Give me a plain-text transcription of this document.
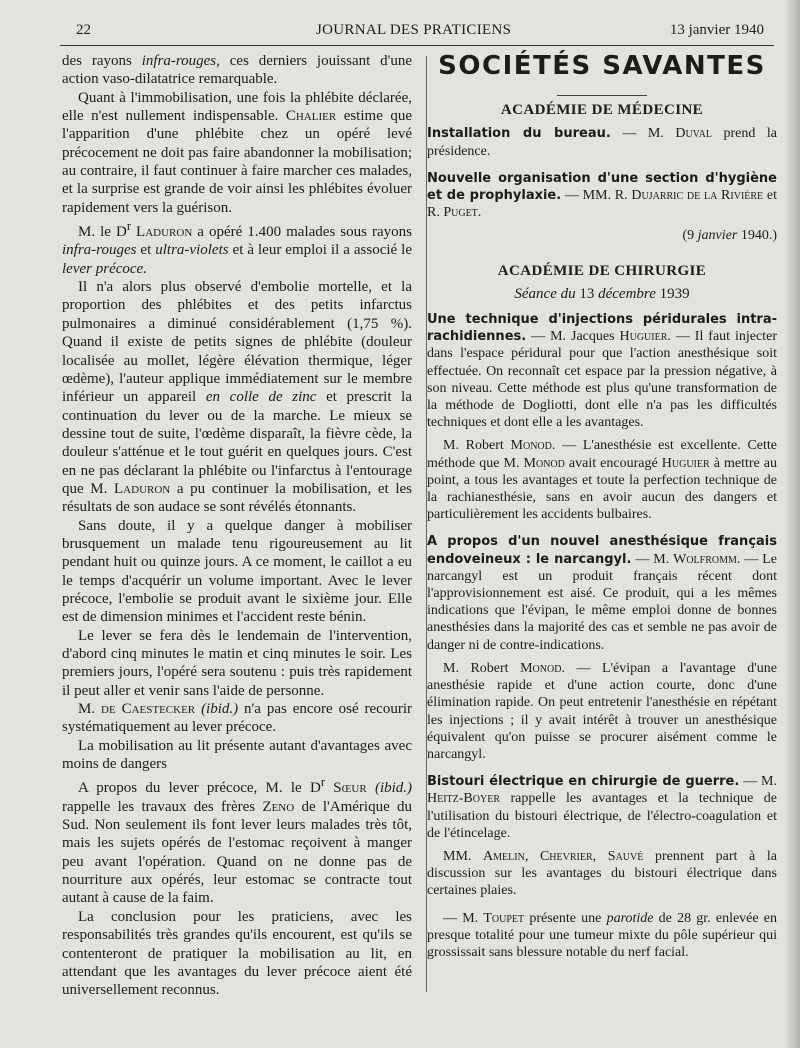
22	JOURNAL DES PRATICIENS	13 janvier 1940

des rayons infra-rouges, ces derniers jouissant d'une action vaso-dilatatrice remarquable.

Quant à l'immobilisation, une fois la phlébite déclarée, elle n'est nullement indispensable. Chalier estime que l'apparition d'une phlébite chez un opéré levé précocement ne doit pas faire abandonner la mobilisation; au contraire, il faut continuer à faire marcher ces malades, et la surprise est grande de voir ainsi les phlébites évoluer rapidement vers la guérison.

M. le $D^r$ Laduron a opéré 1.400 malades sous rayons infra-rouges et ultra-violets et à leur emploi il a associé le lever précoce.

Il n'a alors plus observé d'embolie mortelle, et la proportion des phlébites et des petits infarctus pulmonaires a diminué considérablement (1,75 %). Quand il existe de petits signes de phlébite (douleur localisée au mollet, légère élévation thermique, léger œdème), l'auteur applique immédiatement sur le membre inférieur un appareil en colle de zinc et prescrit la continuation du lever ou de la marche. Le mieux se dessine tout de suite, l'œdème disparaît, la fièvre cède, la douleur s'atténue et le tout guérit en quelques jours. C'est en ne pas déclarant la phlébite ou l'infarctus à l'entourage que M. Laduron a pu continuer la mobilisation, et les résultats de son audace se sont révélés étonnants.

Sans doute, il y a quelque danger à mobiliser brusquement un malade tenu rigoureusement au lit pendant huit ou quinze jours. A ce moment, le caillot a eu le temps d'acquérir un volume important. Avec le lever précoce, l'embolie se produit avant le sixième jour. Elle est de dimension minimes et l'accident reste bénin.

Le lever se fera dès le lendemain de l'intervention, d'abord cinq minutes le matin et cinq minutes le soir. Les premiers jours, l'opéré sera soutenu : puis très rapidement il peut aller et venir sans l'aide de personne.

M. de Caestecker (ibid.) n'a pas encore osé recourir systématiquement au lever précoce.

La mobilisation au lit présente autant d'avantages avec moins de dangers

A propos du lever précoce, M. le $D^r$ Sœur (ibid.) rappelle les travaux des frères Zeno de l'Amérique du Sud. Non seulement ils font lever leurs malades très tôt, mais les sujets opérés de l'estomac reçoivent à manger peu avant l'opération. Quand on ne donne pas de nourriture aux opérés, leur estomac se contracte tout autant à cause de la faim.

La conclusion pour les praticiens, avec les responsabilités très grandes qu'ils encourent, est qu'ils se contenteront de pratiquer la mobilisation au lit, en attendant que les avantages du lever précoce aient été universellement reconnus.

SOCIÉTÉS SAVANTES
ACADÉMIE DE MÉDECINE

Installation du bureau. — M. Duval prend la présidence.

Nouvelle organisation d'une section d'hygiène et de prophylaxie. — MM. R. Dujarric de la Rivière et R. Puget.

(9 janvier 1940.)

ACADÉMIE DE CHIRURGIE

Séance du 13 décembre 1939

Une technique d'injections péridurales intra-rachidiennes. — M. Jacques Huguier. — Il faut injecter dans l'espace péridural pour que l'action anesthésique soit effectuée. On reconnaît cet espace par la pression négative, à son niveau. Cette méthode est plus qu'une transformation de la méthode de Dogliotti, dont elle n'a pas les difficultés techniques et dont elle a les avantages.

M. Robert Monod. — L'anesthésie est excellente. Cette méthode que M. Monod avait encouragé Huguier à mettre au point, a tous les avantages et toute la perfection technique de la rachianesthésie, sans en avoir aucun des dangers et particulièrement les accidents bulbaires.

A propos d'un nouvel anesthésique français endoveineux : le narcangyl. — M. Wolfromm. — Le narcangyl est un produit français récent dont l'approvisionnement est aisé. Ce produit, qui a les mêmes indications que l'évipan, le même emploi donne de bonnes anesthésies dans la majorité des cas et semble ne pas avoir de danger ni de contre-indications.

M. Robert Monod. — L'évipan a l'avantage d'une anesthésie rapide et d'une action courte, donc d'une élimination rapide. On peut entretenir l'anesthésie en répétant les injections ; il y avait intérêt à trouver un anesthésique équivalent qu'on puisse se procurer aisément comme le narcangyl.

Bistouri électrique en chirurgie de guerre. — M. Heitz-Boyer rappelle les avantages et la technique de l'utilisation du bistouri électrique, de l'électro-coagulation et de l'étincelage.

MM. Amelin, Chevrier, Sauvé prennent part à la discussion sur les avantages du bistouri électrique dans certaines plaies.

— M. Toupet présente une parotide de 28 gr. enlevée en presque totalité pour une tumeur mixte du pôle supérieur qui grossissait sans blessure notable du nerf facial.
